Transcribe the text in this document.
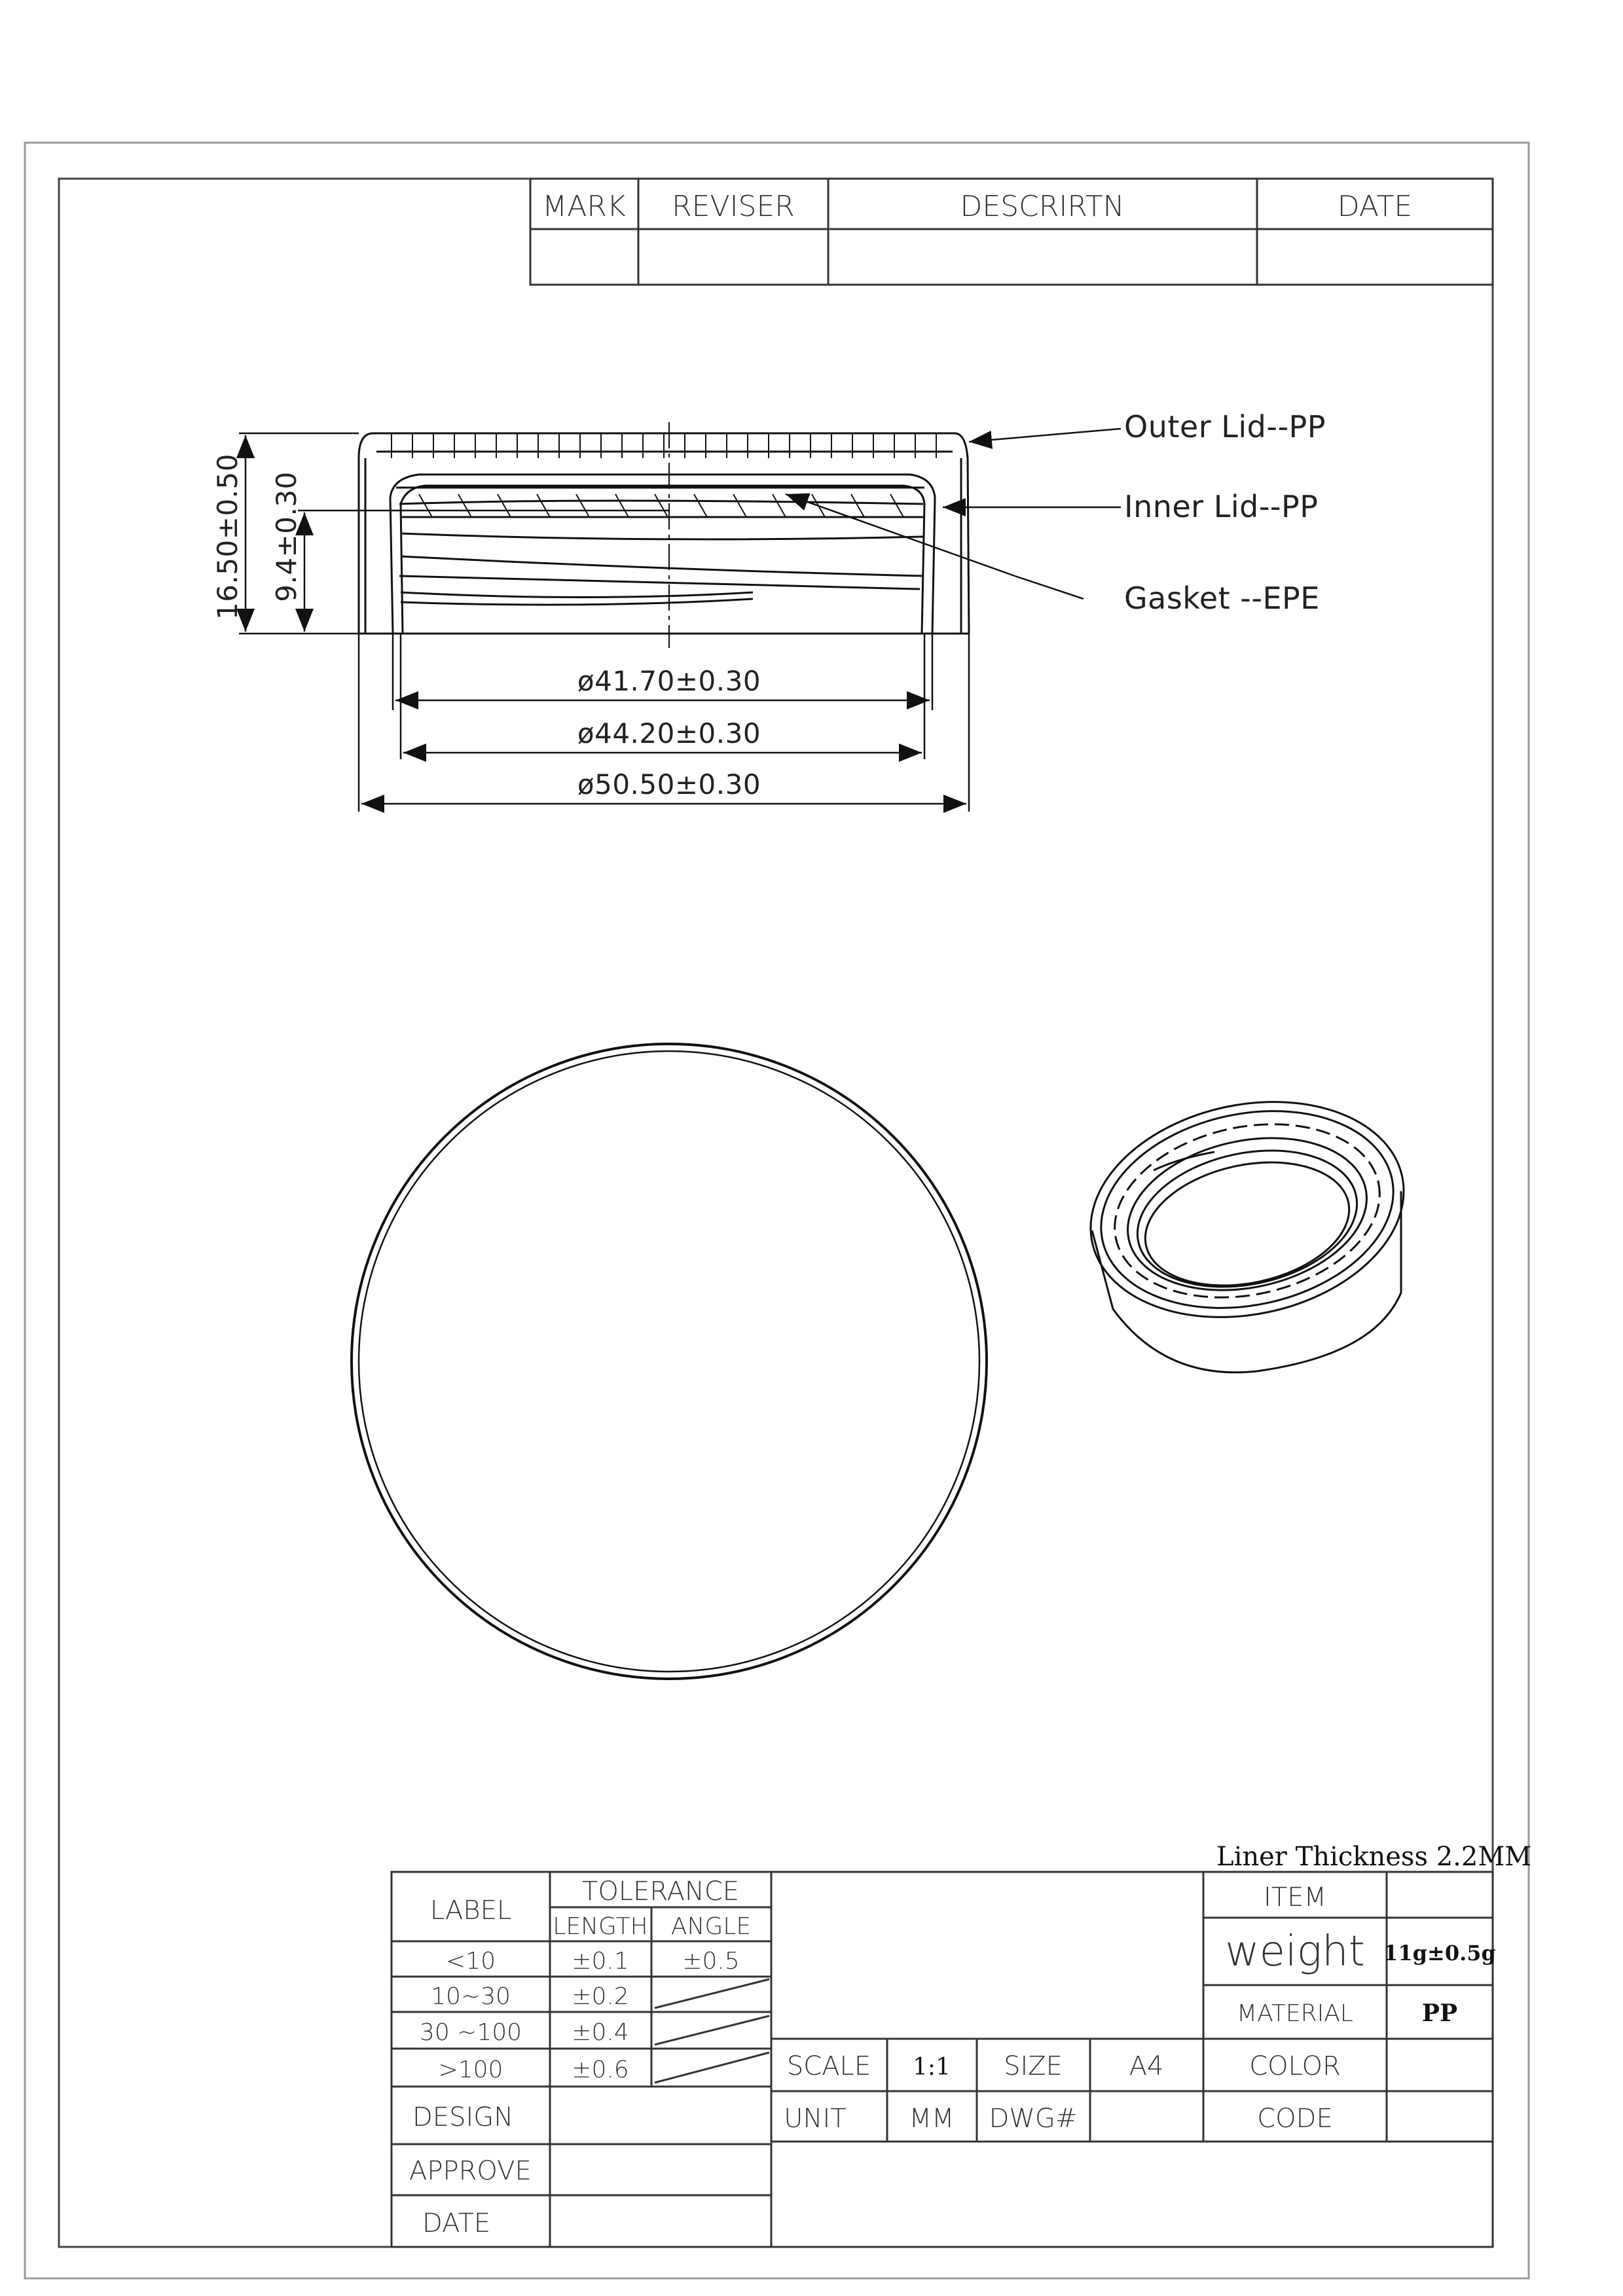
MARK REVISER	DESCRIRTN	DATE
16.50±0.50 9.4±0.30
ø41.70±0.30
ø44.20±0.30
ø50.50±0.30
Outer Lid--PP
Inner Lid--PP
Gasket --EPE
Liner Thickness 2.2MM
LABEL
TOLERANCE
LENGTH ANGLE
<10	±0.1 ±0.5
10~30	±0.2
30 ~100 ±0.4
>100	±0.6
DESIGN
APPROVE
DATE
SCALE 1:1 SIZE	A4
UNIT MM DWG#
ITEM
weight 11g±0.5g
MATERIAL	PP
COLOR
CODE
